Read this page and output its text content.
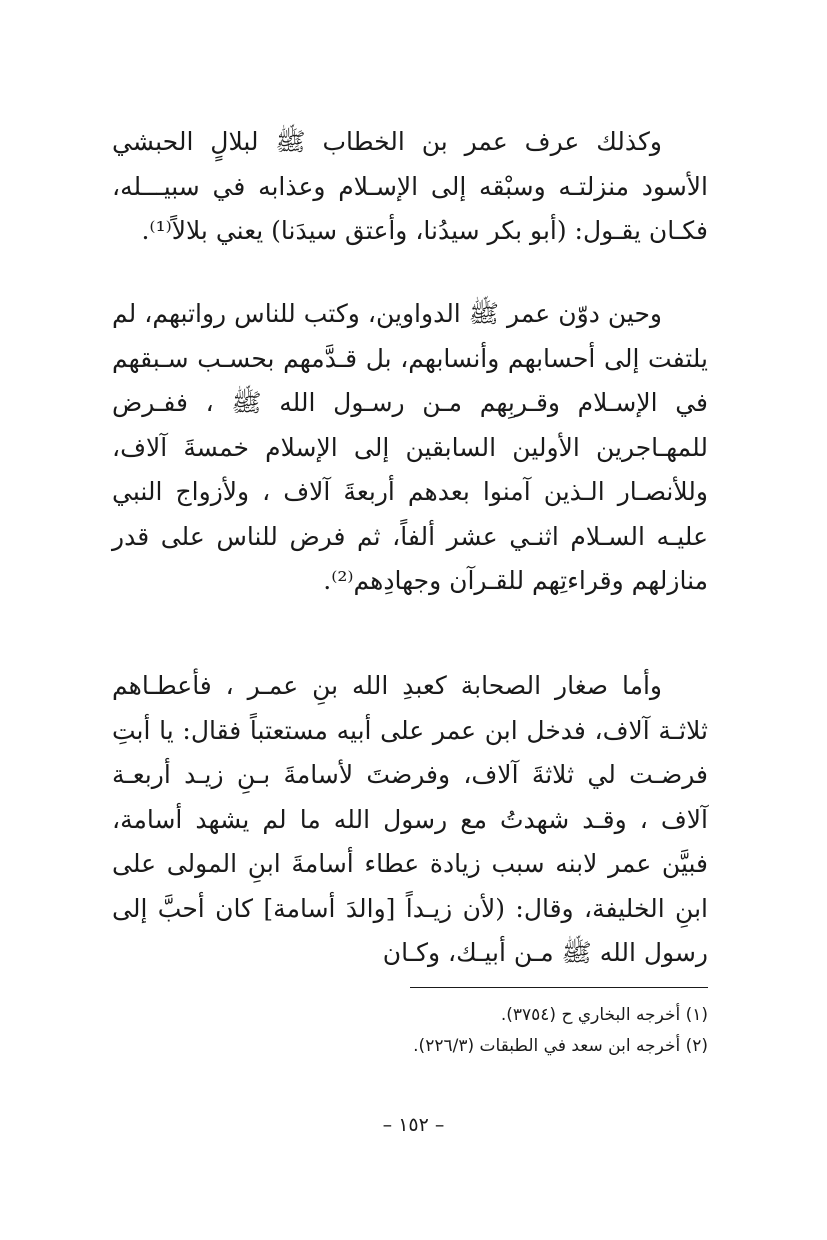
وكذلك عرف عمر بن الخطاب ﷺ لبلالٍ الحبشي الأسود منزلتـه وسبْقه إلى الإسـلام وعذابه في سبيـــله، فكـان يقـول: (أبو بكر سيدُنا، وأعتق سيدَنا) يعني بلالاً⁽¹⁾.

وحين دوّن عمر ﷺ الدواوين، وكتب للناس رواتبهم، لم يلتفت إلى أحسابهم وأنسابهم، بل قـدَّمهم بحسـب سـبقهم في الإسـلام وقـربِهم مـن رسـول الله ﷺ ، ففـرض للمهـاجرين الأولين السابقين إلى الإسلام خمسةَ آلاف، وللأنصـار الـذين آمنوا بعدهم أربعةَ آلاف ، ولأزواج النبي عليـه السـلام اثنـي عشر ألفاً، ثم فرض للناس على قدر منازلهم وقراءتِهم للقـرآن وجهادِهم⁽²⁾.

وأما صغار الصحابة كعبدِ الله بنِ عمـر ، فأعطـاهم ثلاثـة آلاف، فدخل ابن عمر على أبيه مستعتباً فقال: يا أبتِ فرضـت لي ثلاثةَ آلاف، وفرضتَ لأسامةَ بـنِ زيـد أربعـة آلاف ، وقـد شهدتُ مع رسول الله ما لم يشهد أسامة، فبيَّن عمر لابنه سبب زيادة عطاء أسامةَ ابنِ المولى على ابنِ الخليفة، وقال: (لأن زيـداً [والدَ أسامة] كان أحبَّ إلى رسول الله ﷺ مـن أبيـك، وكـان

(١) أخرجه البخاري ح (٣٧٥٤).

(٢) أخرجه ابن سعد في الطبقات (٢٢٦/٣).

– ١٥٢ –
